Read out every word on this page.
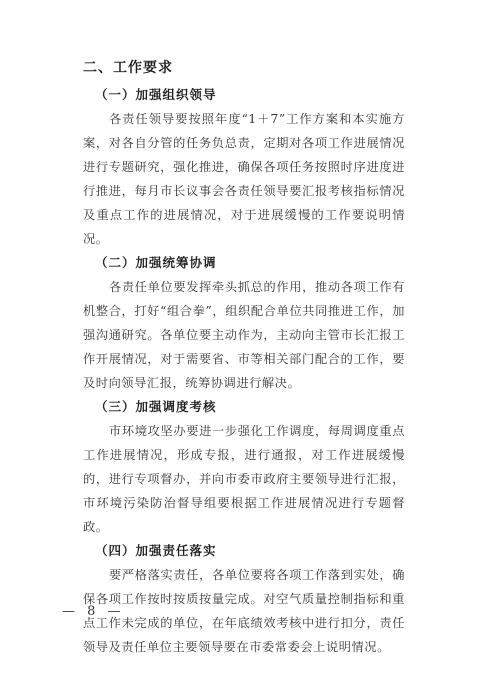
二、工作要求

（一）加强组织领导

各责任领导要按照年度“1＋7”工作方案和本实施方案，对各自分管的任务负总责，定期对各项工作进展情况进行专题研究，强化推进，确保各项任务按照时序进度进行推进，每月市长议事会各责任领导要汇报考核指标情况及重点工作的进展情况，对于进展缓慢的工作要说明情况。

（二）加强统筹协调

各责任单位要发挥牵头抓总的作用，推动各项工作有机整合，打好“组合拳”，组织配合单位共同推进工作，加强沟通研究。各单位要主动作为，主动向主管市长汇报工作开展情况，对于需要省、市等相关部门配合的工作，要及时向领导汇报，统筹协调进行解决。

（三）加强调度考核

市环境攻坚办要进一步强化工作调度，每周调度重点工作进展情况，形成专报，进行通报，对工作进展缓慢的，进行专项督办，并向市委市政府主要领导进行汇报，市环境污染防治督导组要根据工作进展情况进行专题督政。

（四）加强责任落实

要严格落实责任，各单位要将各项工作落到实处，确保各项工作按时按质按量完成。对空气质量控制指标和重点工作未完成的单位，在年底绩效考核中进行扣分，责任领导及责任单位主要领导要在市委常委会上说明情况。

— 8 —
